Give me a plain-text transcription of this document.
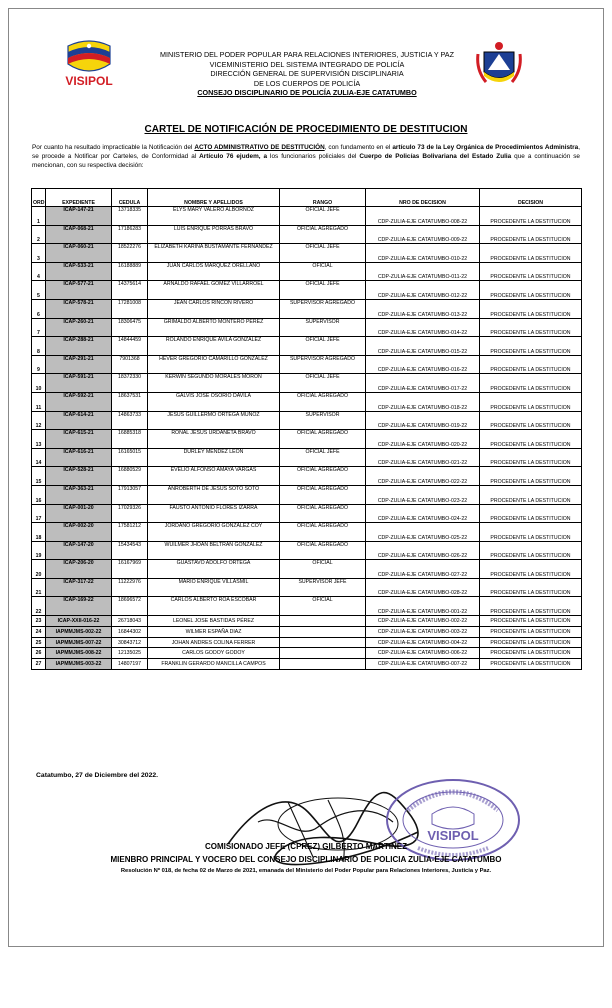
VISIPOL
MINISTERIO DEL PODER POPULAR PARA RELACIONES INTERIORES, JUSTICIA Y PAZ
VICEMINISTERIO DEL SISTEMA INTEGRADO DE POLICÍA
DIRECCIÓN GENERAL DE SUPERVISIÓN DISCIPLINARIA
DE LOS CUERPOS DE POLICÍA
CONSEJO DISCIPLINARIO DE POLICÍA ZULIA-EJE CATATUMBO
CARTEL DE NOTIFICACIÓN DE PROCEDIMIENTO DE DESTITUCION
Por cuanto ha resultado impracticable la Notificación del ACTO ADMINISTRATIVO DE DESTITUCIÓN, con fundamento en el artículo 73 de la Ley Orgánica de Procedimientos Administra, se procede a Notificar por Carteles, de Conformidad al Artículo 76 ejudem, a los funcionarios policiales del Cuerpo de Policías Bolivariana del Estado Zulia que a continuación se mencionan, con su respectiva decisión:
ORD	EXPEDIENTE	CEDULA	NOMBRE Y APELLIDOS	RANGO	NRO DE DECISION	DECISION
1	ICAP-147-21	13718335	ELYS MARY VALERO ALBORNOZ	OFICIAL JEFE	CDP-ZULIA-EJE CATATUMBO-008-22	PROCEDENTE LA DESTITUCION
2	ICAP-068-21	17186283	LUIS ENRIQUE PORRAS BRAVO	OFICIAL AGREGADO	CDP-ZULIA-EJE CATATUMBO-009-22	PROCEDENTE LA DESTITUCION
3	ICAP-060-21	18522276	ELIZABETH KARINA BUSTAMANTE FERNANDEZ	OFICIAL JEFE	CDP-ZULIA-EJE CATATUMBO-010-22	PROCEDENTE LA DESTITUCION
4	ICAP-533-21	16188889	JUAN CARLOS MARQUEZ ORELLANO	OFICIAL	CDP-ZULIA-EJE CATATUMBO-011-22	PROCEDENTE LA DESTITUCION
5	ICAP-577-21	14375614	ARNALDO RAFAEL GOMEZ VILLARROEL	OFICIAL JEFE	CDP-ZULIA-EJE CATATUMBO-012-22	PROCEDENTE LA DESTITUCION
6	ICAP-578-21	17281008	JEAN CARLOS RINCON RIVERO	SUPERVISOR AGREGADO	CDP-ZULIA-EJE CATATUMBO-013-22	PROCEDENTE LA DESTITUCION
7	ICAP-260-21	18306475	GRIMALDO ALBERTO MONTERO PEREZ	SUPERVISOR	CDP-ZULIA-EJE CATATUMBO-014-22	PROCEDENTE LA DESTITUCION
8	ICAP-288-21	14844459	ROLANDO ENRIQUE AVILA GONZALEZ	OFICIAL JEFE	CDP-ZULIA-EJE CATATUMBO-015-22	PROCEDENTE LA DESTITUCION
9	ICAP-291-21	7901368	HEVER GREGORIO CAMARILLO GONZALEZ	SUPERVISOR AGREGADO	CDP-ZULIA-EJE CATATUMBO-016-22	PROCEDENTE LA DESTITUCION
10	ICAP-591-21	18372330	KERWIN SEGUNDO MORALES MORON	OFICIAL JEFE	CDP-ZULIA-EJE CATATUMBO-017-22	PROCEDENTE LA DESTITUCION
11	ICAP-592-21	18637531	GALVIS JOSE OSORIO DAVILA	OFICIAL AGREGADO	CDP-ZULIA-EJE CATATUMBO-018-22	PROCEDENTE LA DESTITUCION
12	ICAP-614-21	14863733	JESUS GUILLERMO ORTEGA MUÑOZ	SUPERVISOR	CDP-ZULIA-EJE CATATUMBO-019-22	PROCEDENTE LA DESTITUCION
13	ICAP-615-21	16885318	RONAL JESUS URDANETA BRAVO	OFICIAL AGREGADO	CDP-ZULIA-EJE CATATUMBO-020-22	PROCEDENTE LA DESTITUCION
14	ICAP-616-21	16165015	DURLEY MENDEZ LEON	OFICIAL JEFE	CDP-ZULIA-EJE CATATUMBO-021-22	PROCEDENTE LA DESTITUCION
15	ICAP-528-21	16880529	EVELIO ALFONSO AMAYA VARGAS	OFICIAL AGREGADO	CDP-ZULIA-EJE CATATUMBO-022-22	PROCEDENTE LA DESTITUCION
16	ICAP-363-21	17913057	ANROBERTH DE JESUS SOTO SOTO	OFICIAL AGREGADO	CDP-ZULIA-EJE CATATUMBO-023-22	PROCEDENTE LA DESTITUCION
17	ICAP-001-20	17029326	FAUSTO ANTONIO FLORES IZARRA	OFICIAL AGREGADO	CDP-ZULIA-EJE CATATUMBO-024-22	PROCEDENTE LA DESTITUCION
18	ICAP-002-20	17581212	JORDANO GREGORIO GONZALEZ COY	OFICIAL AGREGADO	CDP-ZULIA-EJE CATATUMBO-025-22	PROCEDENTE LA DESTITUCION
19	ICAP-147-20	15434543	WUILMER JHOAN BELTRAN GONZALEZ	OFICIAL AGREGADO	CDP-ZULIA-EJE CATATUMBO-026-22	PROCEDENTE LA DESTITUCION
20	ICAP-206-20	16167969	GUASTAVO ADOLFO ORTEGA	OFICIAL	CDP-ZULIA-EJE CATATUMBO-027-22	PROCEDENTE LA DESTITUCION
21	ICAP-317-22	11222976	MARIO ENRIQUE VILLASMIL	SUPERVISOR JEFE	CDP-ZULIA-EJE CATATUMBO-028-22	PROCEDENTE LA DESTITUCION
22	ICAP-169-22	18696572	CARLOS ALBERTO ROA ESCOBAR	OFICIAL	CDP-ZULIA-EJE CATATUMBO-001-22	PROCEDENTE LA DESTITUCION
23	ICAP-XXII-016-22	26718043	LEONEL JOSE BASTIDAS PÉREZ		CDP-ZULIA-EJE CATATUMBO-002-22	PROCEDENTE LA DESTITUCION
24	IAPMMJMS-002-22	16844302	WILMER ESPAÑA DIAZ		CDP-ZULIA-EJE CATATUMBO-003-22	PROCEDENTE LA DESTITUCION
25	IAPMMJMS-007-22	30843712	JOHAN ANDRES COLINA FERRER		CDP-ZULIA-EJE CATATUMBO-004-22	PROCEDENTE LA DESTITUCION
26	IAPMMJMS-008-22	12135025	CARLOS GODOY GODOY		CDP-ZULIA-EJE CATATUMBO-006-22	PROCEDENTE LA DESTITUCION
27	IAPMMJMS-003-22	14807197	FRANKLIN GERARDO MANCILLA CAMPOS		CDP-ZULIA-EJE CATATUMBO-007-22	PROCEDENTE LA DESTITUCION
Catatumbo, 27 de Diciembre del 2022.
VISIPOL
COMISIONADO JEFE (CPREZ) GILBERTO MARTINEZ
MIENBRO PRINCIPAL Y VOCERO DEL CONSEJO DISCIPLINARIO DE POLICIA ZULIA-EJE CATATUMBO
Resolución Nº 018, de fecha 02 de Marzo de 2021, emanada del Ministerio del Poder Popular para Relaciones Interiores, Justicia y Paz.
